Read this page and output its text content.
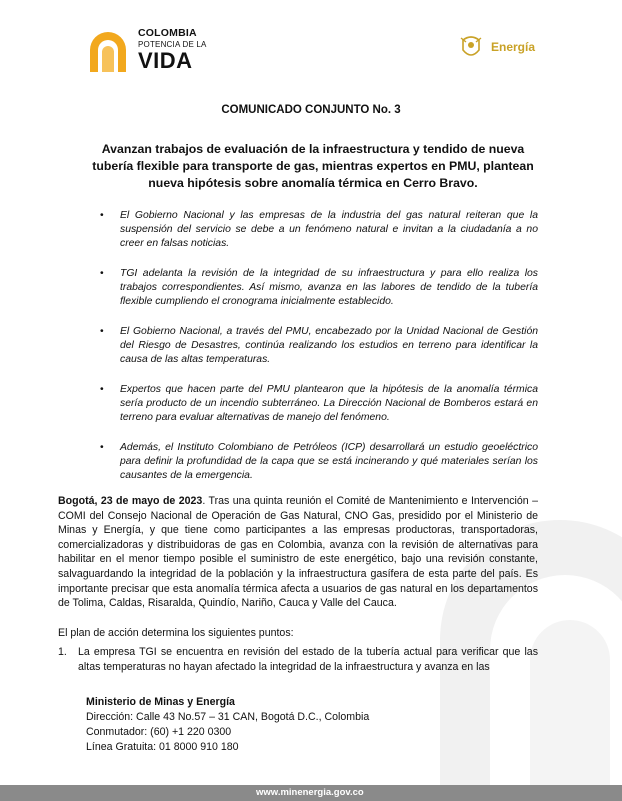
COLOMBIA
POTENCIA DE LA
VIDA
Energía
COMUNICADO CONJUNTO No. 3
Avanzan trabajos de evaluación de la infraestructura y tendido de nueva tubería flexible para transporte de gas, mientras expertos en PMU, plantean nueva hipótesis sobre anomalía térmica en Cerro Bravo.
• El Gobierno Nacional y las empresas de la industria del gas natural reiteran que la suspensión del servicio se debe a un fenómeno natural e invitan a la ciudadanía a no creer en falsas noticias.
• TGI adelanta la revisión de la integridad de su infraestructura y para ello realiza los trabajos correspondientes. Así mismo, avanza en las labores de tendido de la tubería flexible cumpliendo el cronograma inicialmente establecido.
• El Gobierno Nacional, a través del PMU, encabezado por la Unidad Nacional de Gestión del Riesgo de Desastres, continúa realizando los estudios en terreno para identificar la causa de las altas temperaturas.
• Expertos que hacen parte del PMU plantearon que la hipótesis de la anomalía térmica sería producto de un incendio subterráneo. La Dirección Nacional de Bomberos estará en terreno para evaluar alternativas de manejo del fenómeno.
• Además, el Instituto Colombiano de Petróleos (ICP) desarrollará un estudio geoeléctrico para definir la profundidad de la capa que se está incinerando y qué materiales serían los causantes de la emergencia.
Bogotá, 23 de mayo de 2023. Tras una quinta reunión el Comité de Mantenimiento e Intervención – COMI del Consejo Nacional de Operación de Gas Natural, CNO Gas, presidido por el Ministerio de Minas y Energía, y que tiene como participantes a las empresas productoras, transportadoras, comercializadoras y distribuidoras de gas en Colombia, avanza con la revisión de alternativas para habilitar en el menor tiempo posible el suministro de este energético, bajo una revisión constante, salvaguardando la integridad de la población y la infraestructura gasífera de esta parte del país. Es importante precisar que esta anomalía térmica afecta a usuarios de gas natural en los departamentos de Tolima, Caldas, Risaralda, Quindío, Nariño, Cauca y Valle del Cauca.
El plan de acción determina los siguientes puntos:
1. La empresa TGI se encuentra en revisión del estado de la tubería actual para verificar que las altas temperaturas no hayan afectado la integridad de la infraestructura y avanza en las
Ministerio de Minas y Energía
Dirección: Calle 43 No.57 – 31 CAN, Bogotá D.C., Colombia
Conmutador: (60) +1 220 0300
Línea Gratuita: 01 8000 910 180
www.minenergia.gov.co
